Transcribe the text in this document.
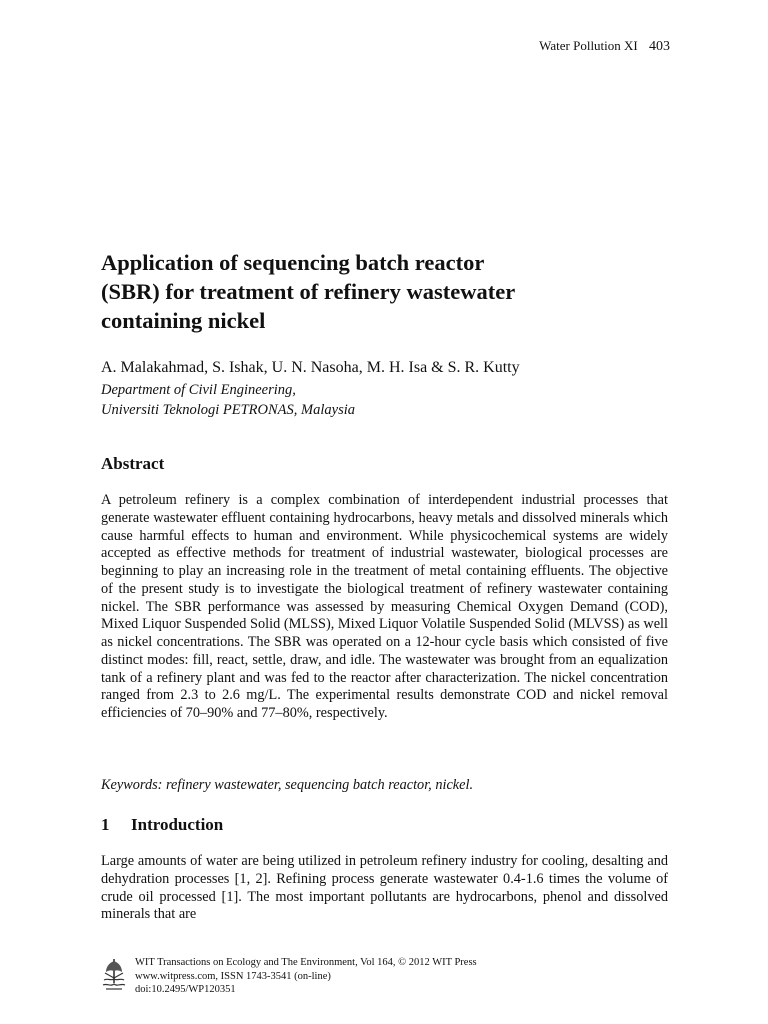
Water Pollution XI 403
Application of sequencing batch reactor
(SBR) for treatment of refinery wastewater
containing nickel

A. Malakahmad, S. Ishak, U. N. Nasoha, M. H. Isa & S. R. Kutty

Department of Civil Engineering,
Universiti Teknologi PETRONAS, Malaysia

Abstract

A petroleum refinery is a complex combination of interdependent industrial processes that generate wastewater effluent containing hydrocarbons, heavy metals and dissolved minerals which cause harmful effects to human and environment. While physicochemical systems are widely accepted as effective methods for treatment of industrial wastewater, biological processes are beginning to play an increasing role in the treatment of metal containing effluents. The objective of the present study is to investigate the biological treatment of refinery wastewater containing nickel. The SBR performance was assessed by measuring Chemical Oxygen Demand (COD), Mixed Liquor Suspended Solid (MLSS), Mixed Liquor Volatile Suspended Solid (MLVSS) as well as nickel concentrations. The SBR was operated on a 12-hour cycle basis which consisted of five distinct modes: fill, react, settle, draw, and idle. The wastewater was brought from an equalization tank of a refinery plant and was fed to the reactor after characterization. The nickel concentration ranged from 2.3 to 2.6 mg/L. The experimental results demonstrate COD and nickel removal efficiencies of 70–90% and 77–80%, respectively.

Keywords: refinery wastewater, sequencing batch reactor, nickel.

1 Introduction

Large amounts of water are being utilized in petroleum refinery industry for cooling, desalting and dehydration processes [1, 2]. Refining process generate wastewater 0.4-1.6 times the volume of crude oil processed [1]. The most important pollutants are hydrocarbons, phenol and dissolved minerals that are

WIT Transactions on Ecology and The Environment, Vol 164, © 2012 WIT Press
www.witpress.com, ISSN 1743-3541 (on-line)
doi:10.2495/WP120351
